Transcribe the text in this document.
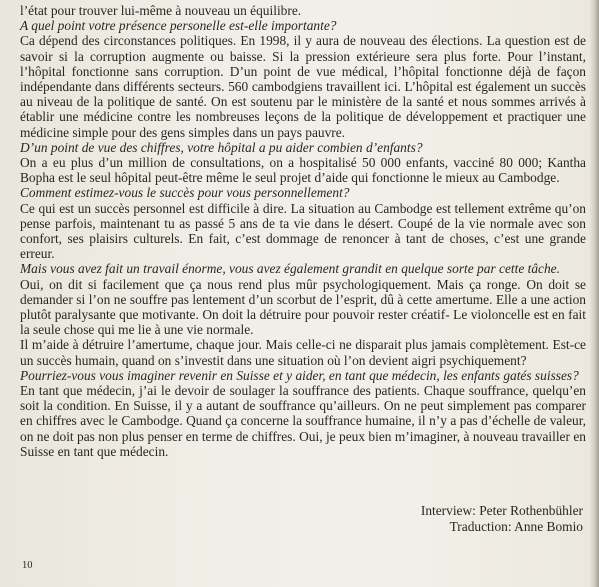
l’état pour trouver lui-même à nouveau un équilibre.

A quel point votre présence personelle est-elle importante?

Ca dépend des circonstances politiques. En 1998, il y aura de nouveau des élections. La question est de savoir si la corruption augmente ou baisse. Si la pression extérieure sera plus forte. Pour l’instant, l’hôpital fonctionne sans corruption. D’un point de vue médical, l’hôpital fonctionne déjà de façon indépendante dans différents secteurs. 560 cambodgiens travaillent ici. L’hôpital est également un succès au niveau de la politique de santé. On est soutenu par le ministère de la santé et nous sommes arrivés à établir une médicine contre les nombreuses leçons de la politique de développement et practiquer une médicine simple pour des gens simples dans un pays pauvre.

D’un point de vue des chiffres, votre hôpital a pu aider combien d’enfants?

On a eu plus d’un million de consultations, on a hospitalisé 50 000 enfants, vacciné 80 000; Kantha Bopha est le seul hôpital peut-être même le seul projet d’aide qui fonctionne le mieux au Cambodge.

Comment estimez-vous le succès pour vous personnellement?

Ce qui est un succès personnel est difficile à dire. La situation au Cambodge est tellement extrême qu’on pense parfois, maintenant tu as passé 5 ans de ta vie dans le désert. Coupé de la vie normale avec son confort, ses plaisirs culturels. En fait, c’est dommage de renoncer à tant de choses, c’est une grande erreur.

Mais vous avez fait un travail énorme, vous avez également grandit en quelque sorte par cette tâche.

Oui, on dit si facilement que ça nous rend plus mûr psychologiquement. Mais ça ronge. On doit se demander si l’on ne souffre pas lentement d’un scorbut de l’esprit, dû à cette amertume. Elle a une action plutôt paralysante que motivante. On doit la détruire pour pouvoir rester créatif- Le violoncelle est en fait la seule chose qui me lie à une vie normale.

Il m’aide à détruire l’amertume, chaque jour. Mais celle-ci ne disparait plus jamais complètement. Est-ce un succès humain, quand on s’investit dans une situation où l’on devient aigri psychiquement?

Pourriez-vous vous imaginer revenir en Suisse et y aider, en tant que médecin, les enfants gatés suisses?

En tant que médecin, j’ai le devoir de soulager la souffrance des patients. Chaque souffrance, quelqu’en soit la condition. En Suisse, il y a autant de souffrance qu’ailleurs. On ne peut simplement pas comparer en chiffres avec le Cambodge. Quand ça concerne la souffrance humaine, il n’y a pas d’échelle de valeur, on ne doit pas non plus penser en terme de chiffres. Oui, je peux bien m’imaginer, à nouveau travailler en Suisse en tant que médecin.

Interview: Peter Rothenbühler
Traduction: Anne Bomio
10
